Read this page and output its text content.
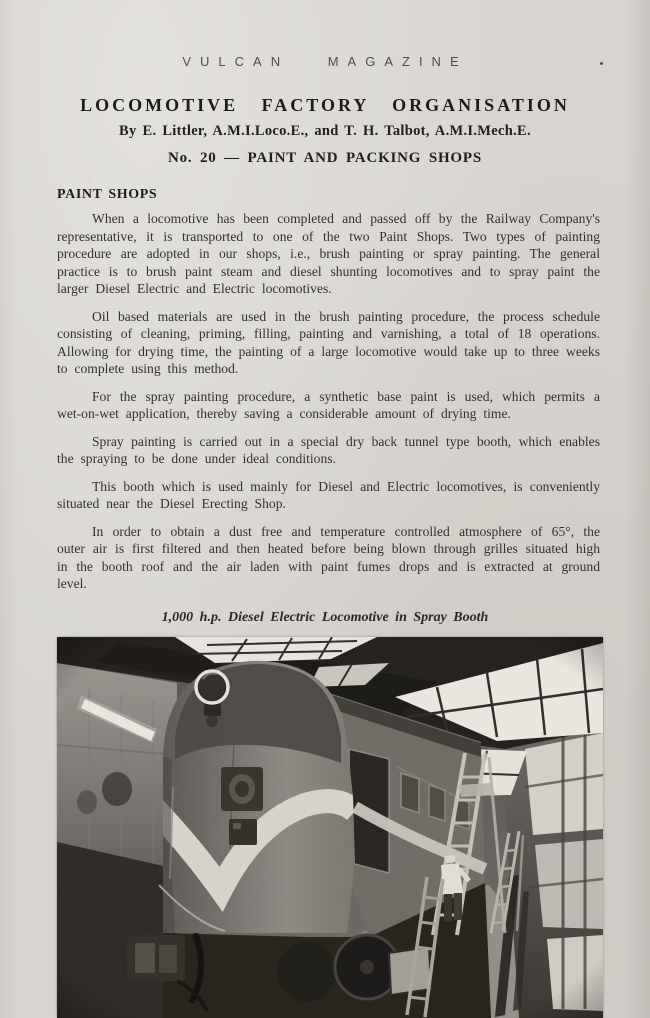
VULCAN MAGAZINE
LOCOMOTIVE FACTORY ORGANISATION
By E. Littler, A.M.I.Loco.E., and T. H. Talbot, A.M.I.Mech.E.
No. 20 — PAINT AND PACKING SHOPS
PAINT SHOPS

When a locomotive has been completed and passed off by the Railway Company's representative, it is transported to one of the two Paint Shops. Two types of painting procedure are adopted in our shops, i.e., brush painting or spray painting. The general practice is to brush paint steam and diesel shunting locomotives and to spray paint the larger Diesel Electric and Electric locomotives.

Oil based materials are used in the brush painting procedure, the process schedule consisting of cleaning, priming, filling, painting and varnishing, a total of 18 operations. Allowing for drying time, the painting of a large locomotive would take up to three weeks to complete using this method.

For the spray painting procedure, a synthetic base paint is used, which permits a wet-on-wet application, thereby saving a considerable amount of drying time.

Spray painting is carried out in a special dry back tunnel type booth, which enables the spraying to be done under ideal conditions.

This booth which is used mainly for Diesel and Electric locomotives, is conveniently situated near the Diesel Erecting Shop.

In order to obtain a dust free and temperature controlled atmosphere of 65°, the outer air is first filtered and then heated before being blown through grilles situated high in the booth roof and the air laden with paint fumes drops and is extracted at ground level.

1,000 h.p. Diesel Electric Locomotive in Spray Booth
